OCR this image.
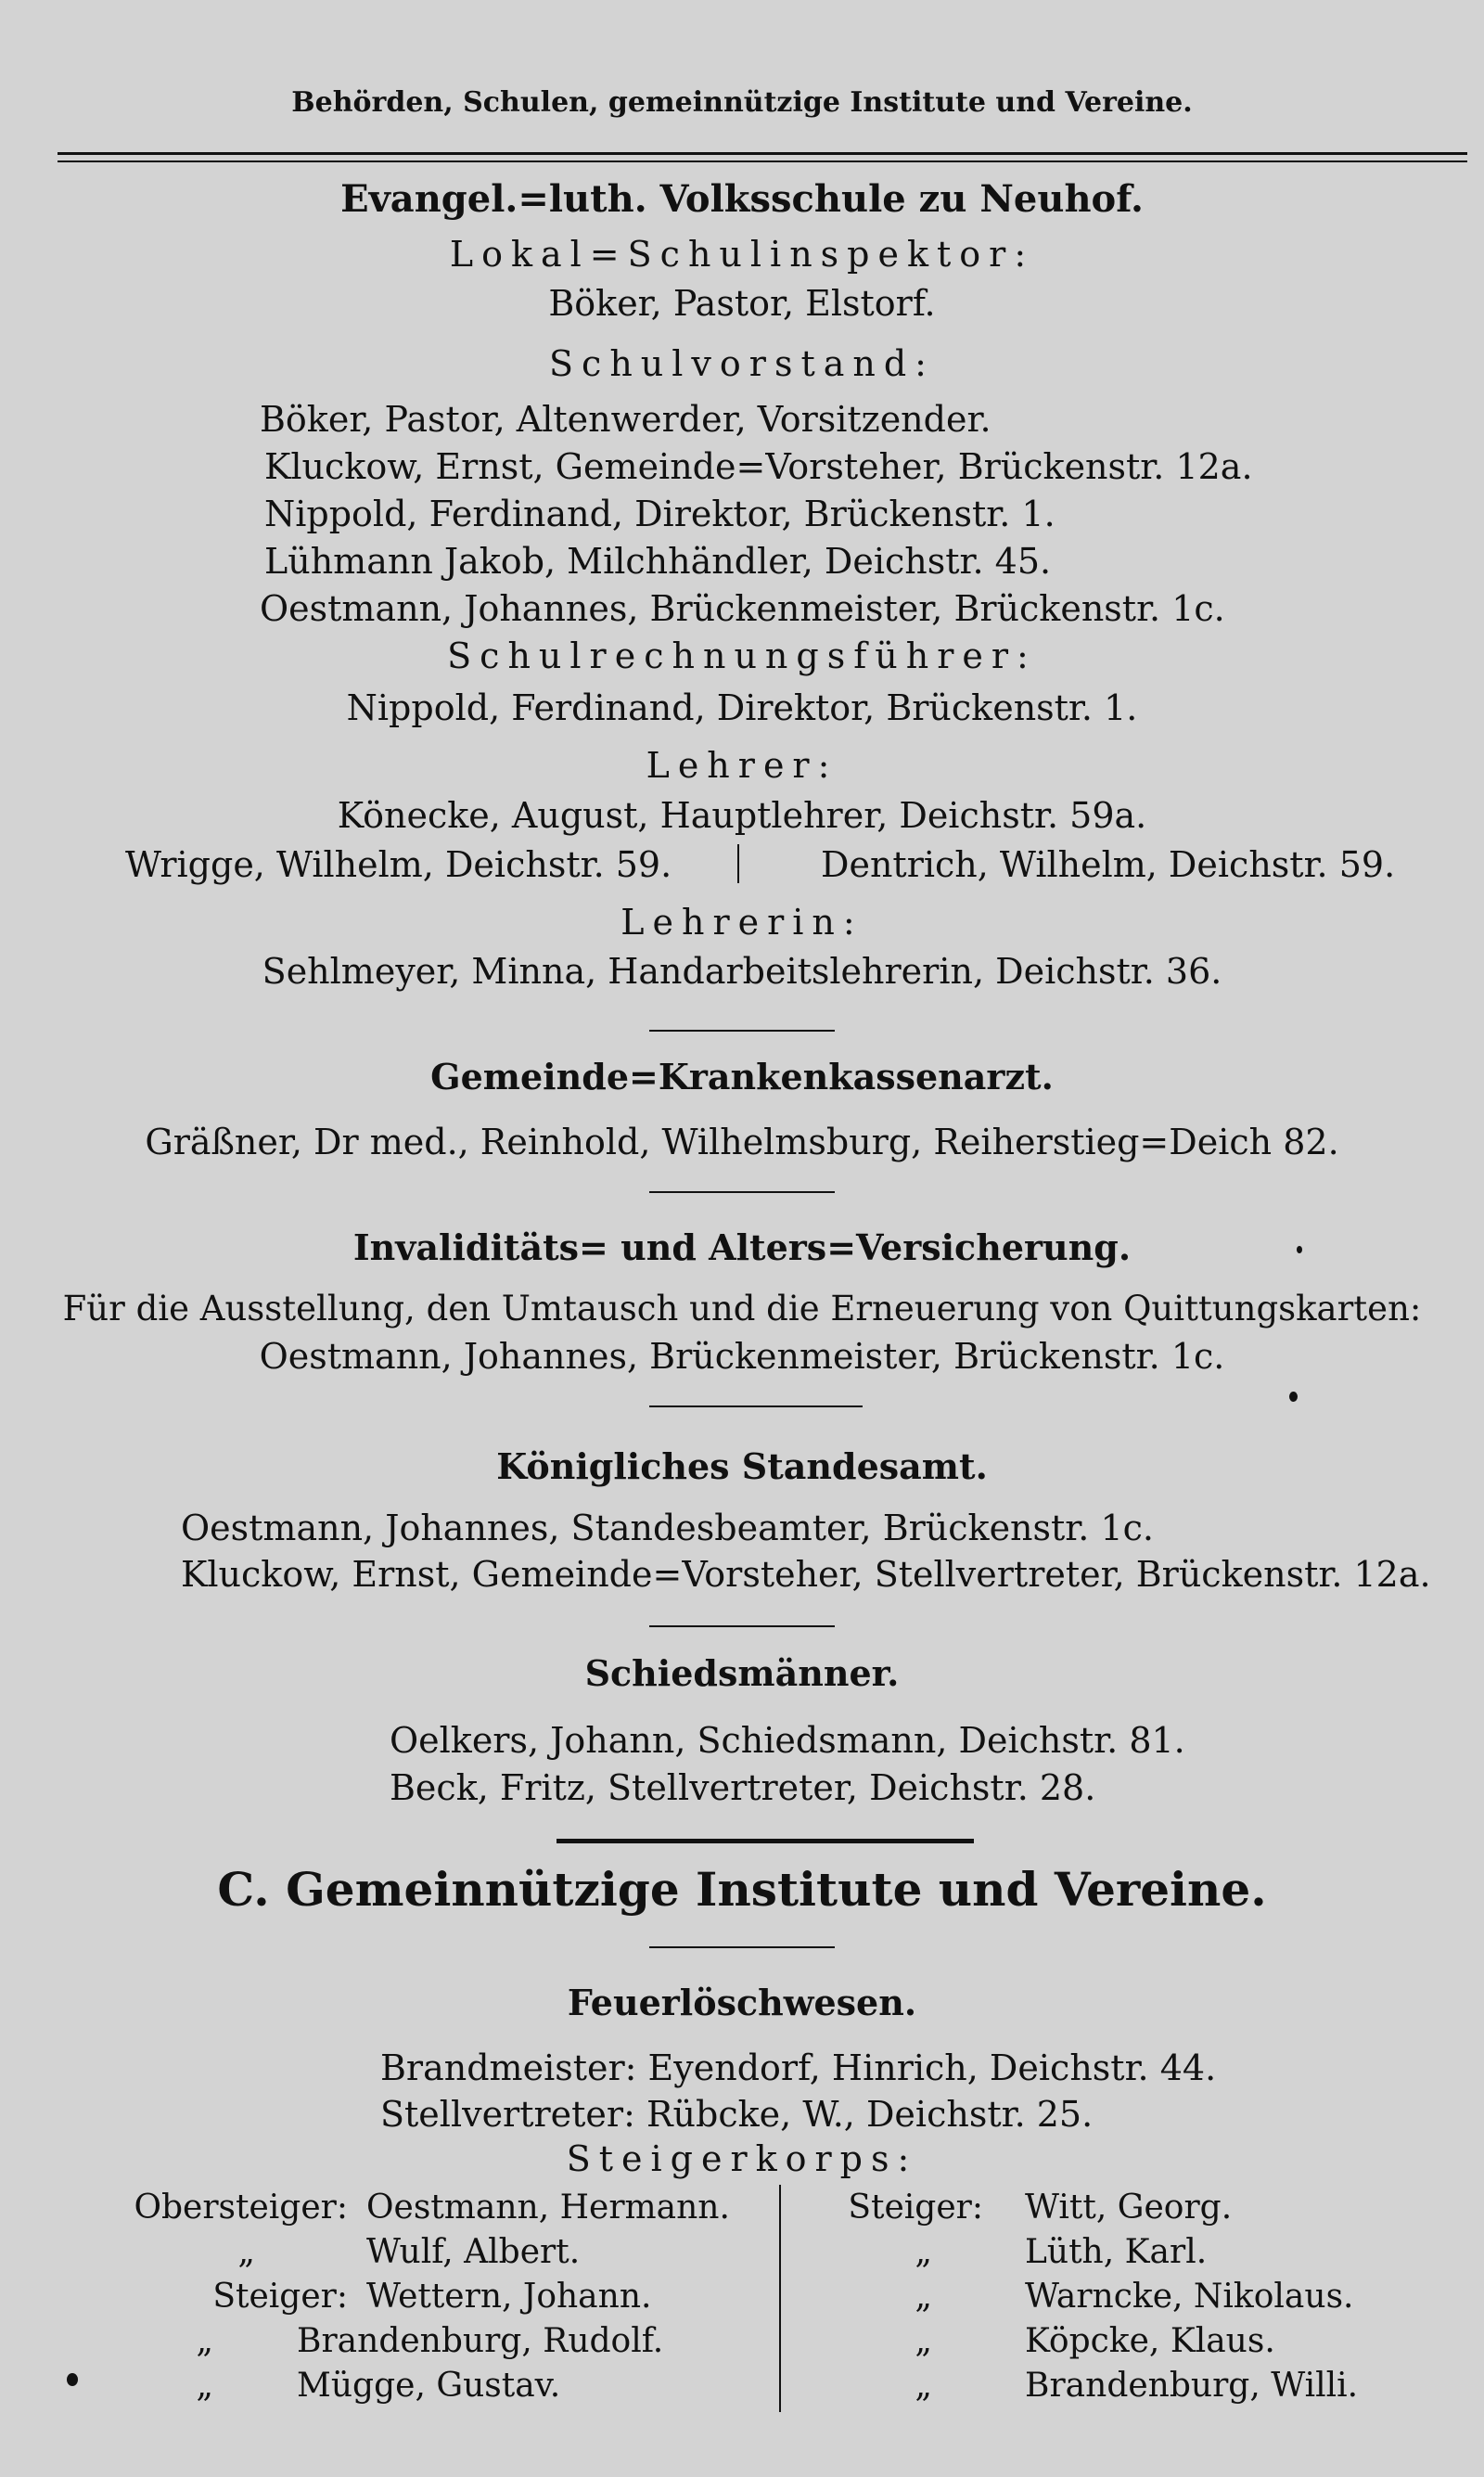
Behörden, Schulen, gemeinnützige Institute und Vereine.
Evangel.=luth. Volksschule zu Neuhof.
Lokal=Schulinspektor:
Böker, Pastor, Elstorf.
Schulvorstand:
Böker, Pastor, Altenwerder, Vorsitzender.
Kluckow, Ernst, Gemeinde=Vorsteher, Brückenstr. 12a.
Nippold, Ferdinand, Direktor, Brückenstr. 1.
Lühmann Jakob, Milchhändler, Deichstr. 45.
Oestmann, Johannes, Brückenmeister, Brückenstr. 1c.
Schulrechnungsführer:
Nippold, Ferdinand, Direktor, Brückenstr. 1.
Lehrer:
Könecke, August, Hauptlehrer, Deichstr. 59a.
Wrigge, Wilhelm, Deichstr. 59.	Dentrich, Wilhelm, Deichstr. 59.
Lehrerin:
Sehlmeyer, Minna, Handarbeitslehrerin, Deichstr. 36.
Gemeinde=Krankenkassenarzt.
Gräßner, Dr med., Reinhold, Wilhelmsburg, Reiherstieg=Deich 82.
Invaliditäts= und Alters=Versicherung.
Für die Ausstellung, den Umtausch und die Erneuerung von Quittungskarten:
Oestmann, Johannes, Brückenmeister, Brückenstr. 1c.
Königliches Standesamt.
Oestmann, Johannes, Standesbeamter, Brückenstr. 1c.
Kluckow, Ernst, Gemeinde=Vorsteher, Stellvertreter, Brückenstr. 12a.
Schiedsmänner.
Oelkers, Johann, Schiedsmann, Deichstr. 81.
Beck, Fritz, Stellvertreter, Deichstr. 28.
C. Gemeinnützige Institute und Vereine.
Feuerlöschwesen.
Brandmeister: Eyendorf, Hinrich, Deichstr. 44.
Stellvertreter: Rübcke, W., Deichstr. 25.
Steigerkorps:
Obersteiger: Oestmann, Hermann.
„	Wulf, Albert.
Steiger: Wettern, Johann.
„	Brandenburg, Rudolf.
„	Mügge, Gustav.
Steiger: Witt, Georg.
„	Lüth, Karl.
„	Warncke, Nikolaus.
„	Köpcke, Klaus.
„	Brandenburg, Willi.
